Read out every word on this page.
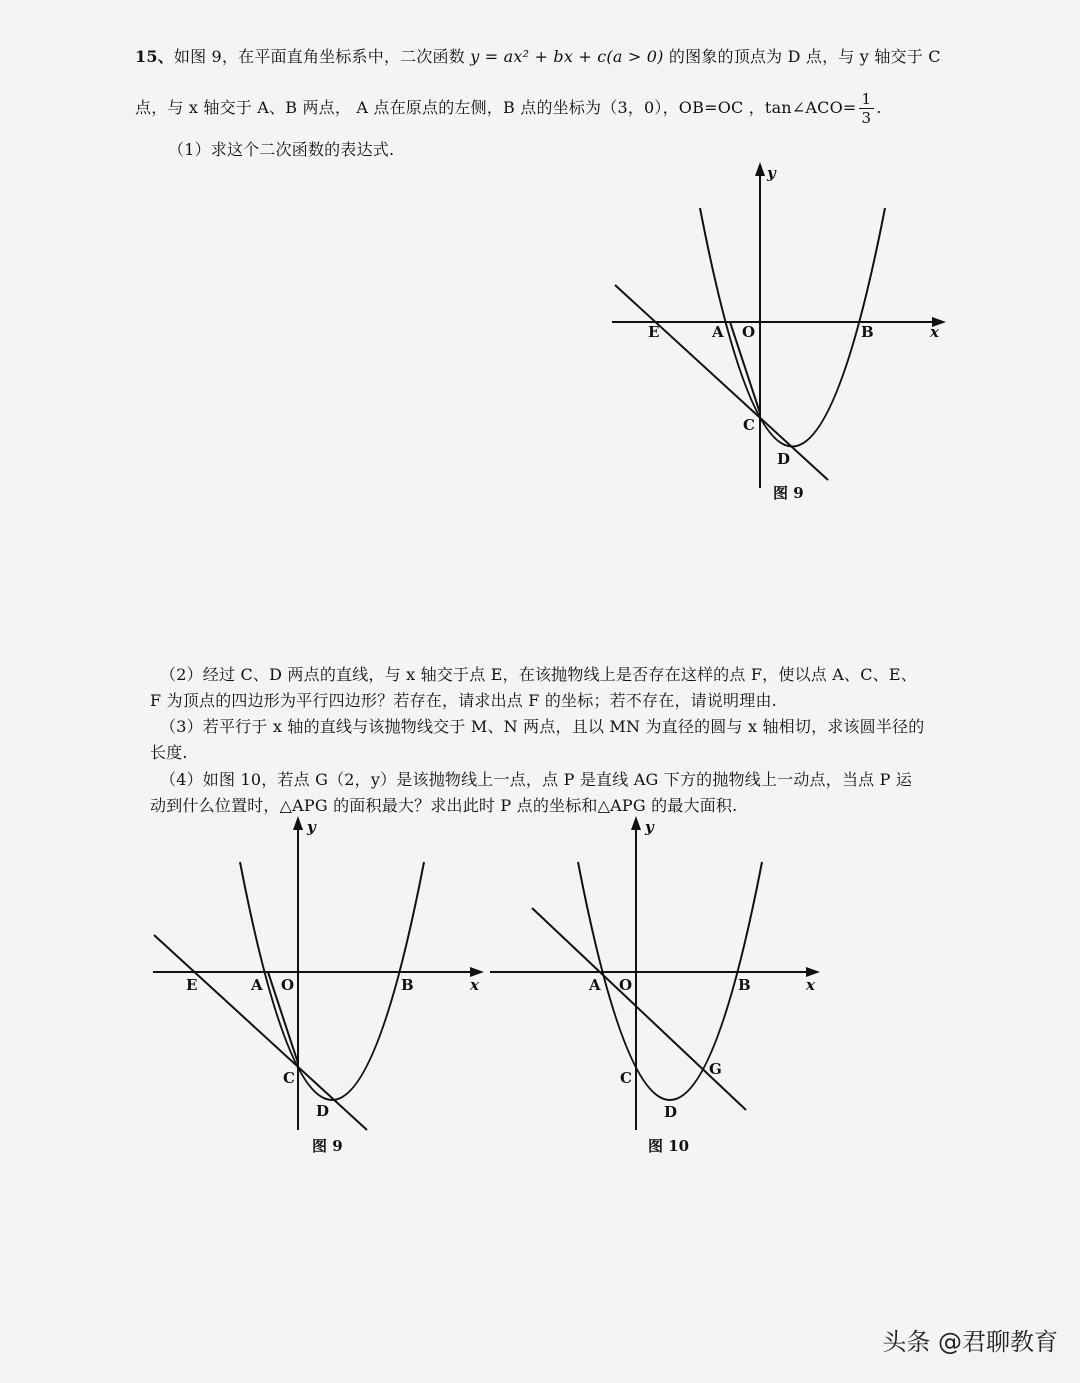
15、如图 9，在平面直角坐标系中，二次函数 y = ax² + bx + c(a > 0) 的图象的顶点为 D 点，与 y 轴交于 C
点，与 x 轴交于 A、B 两点， A 点在原点的左侧，B 点的坐标为（3，0），OB=OC ，tan∠ACO= $\frac{1}{3}$ .
（1）求这个二次函数的表达式.
E	A O	B	x
y
C
D
图 9
（2）经过 C、D 两点的直线，与 x 轴交于点 E，在该抛物线上是否存在这样的点 F，使以点 A、C、E、
F 为顶点的四边形为平行四边形？若存在，请求出点 F 的坐标；若不存在，请说明理由.
（3）若平行于 x 轴的直线与该抛物线交于 M、N 两点，且以 MN 为直径的圆与 x 轴相切，求该圆半径的
长度.
（4）如图 10，若点 G（2，y）是该抛物线上一点，点 P 是直线 AG 下方的抛物线上一动点，当点 P 运
动到什么位置时，△APG 的面积最大？求出此时 P 点的坐标和△APG 的最大面积.
E	A O	B	x
y
C
D
图 9
A O	B	x
y
C
D
G
图 10
头条 @君聊教育
